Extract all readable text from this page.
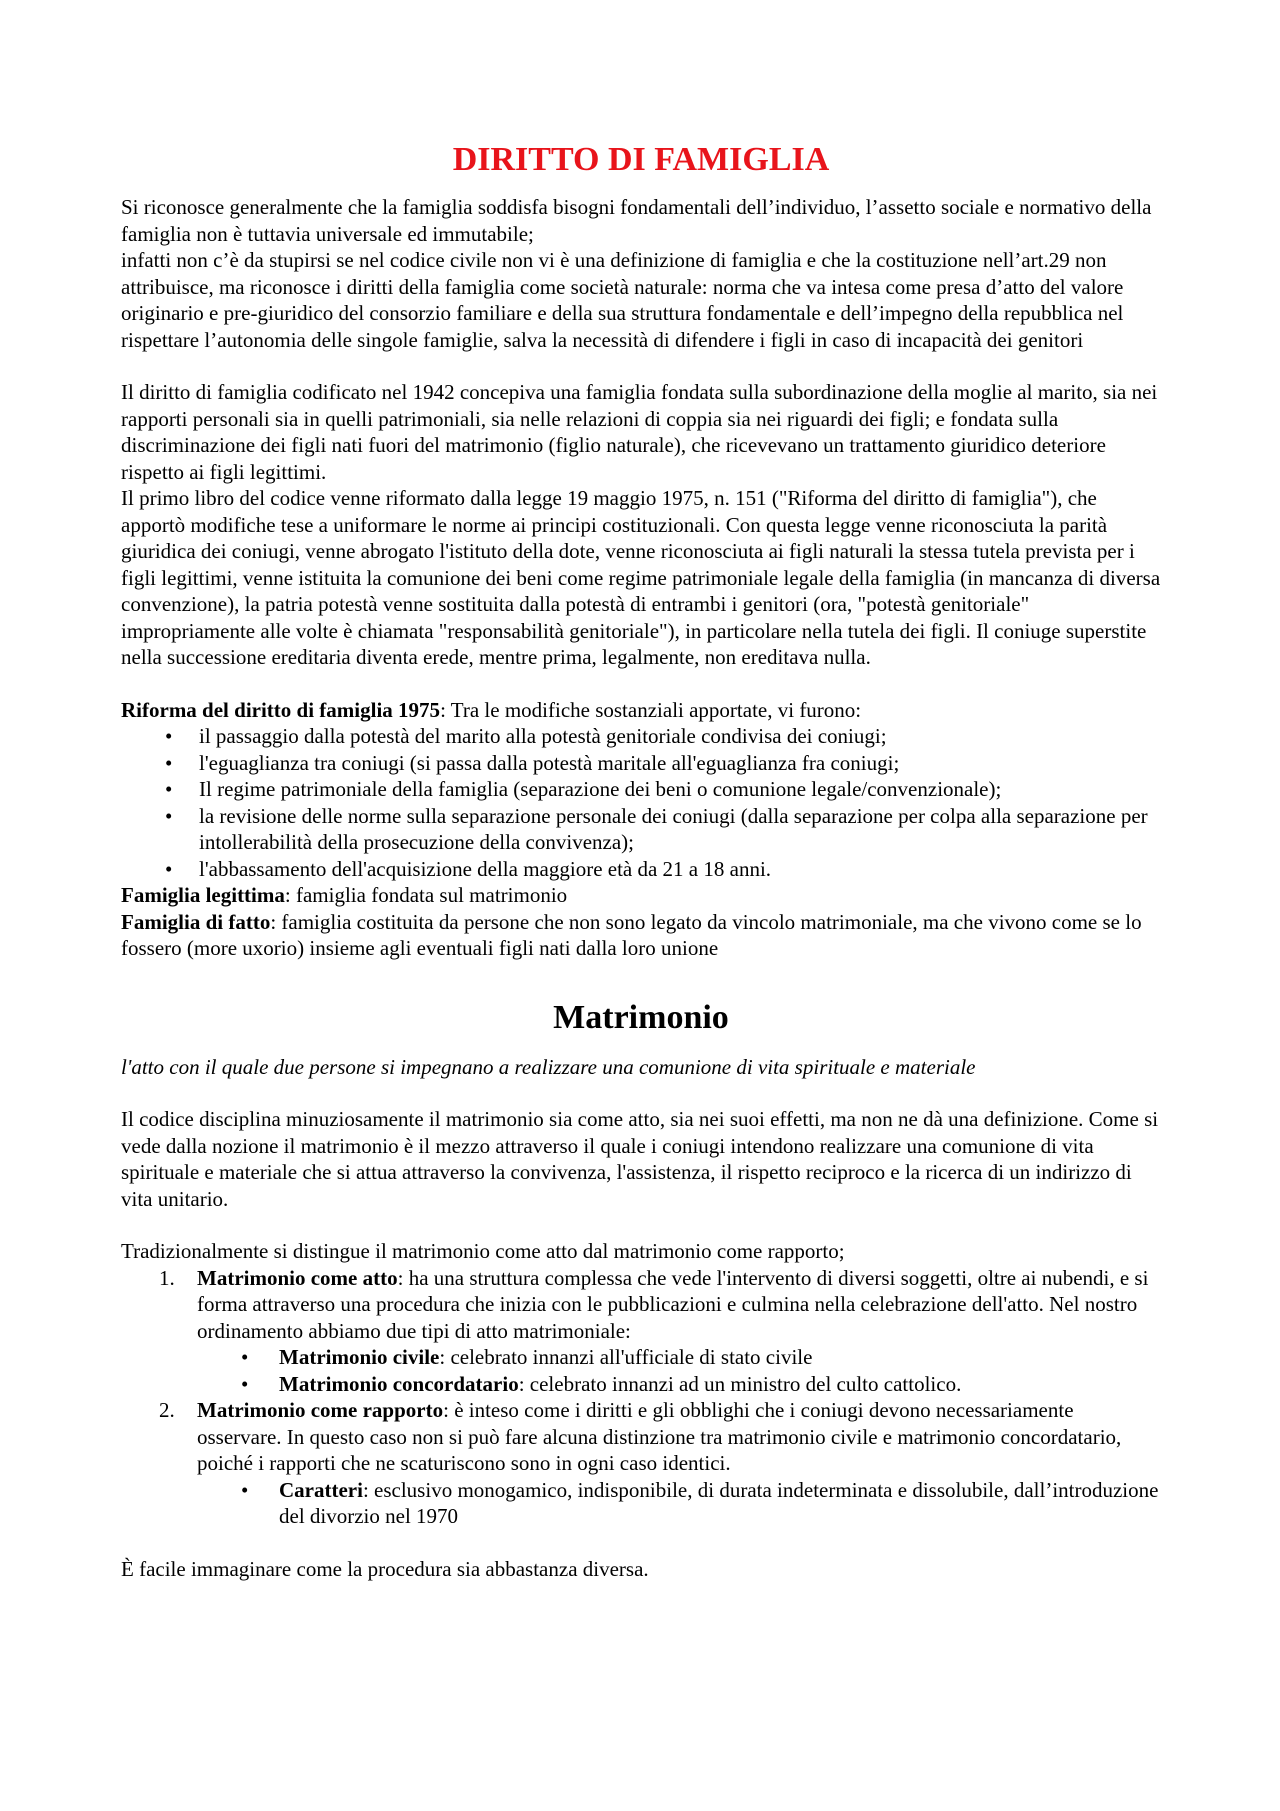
DIRITTO DI FAMIGLIA

Si riconosce generalmente che la famiglia soddisfa bisogni fondamentali dell’individuo, l’assetto sociale e normativo della famiglia non è tuttavia universale ed immutabile;

infatti non c’è da stupirsi se nel codice civile non vi è una definizione di famiglia e che la costituzione nell’art.29 non attribuisce, ma riconosce i diritti della famiglia come società naturale: norma che va intesa come presa d’atto del valore originario e pre-giuridico del consorzio familiare e della sua struttura fondamentale e dell’impegno della repubblica nel rispettare l’autonomia delle singole famiglie, salva la necessità di difendere i figli in caso di incapacità dei genitori

Il diritto di famiglia codificato nel 1942 concepiva una famiglia fondata sulla subordinazione della moglie al marito, sia nei rapporti personali sia in quelli patrimoniali, sia nelle relazioni di coppia sia nei riguardi dei figli; e fondata sulla discriminazione dei figli nati fuori del matrimonio (figlio naturale), che ricevevano un trattamento giuridico deteriore rispetto ai figli legittimi.

Il primo libro del codice venne riformato dalla legge 19 maggio 1975, n. 151 ("Riforma del diritto di famiglia"), che apportò modifiche tese a uniformare le norme ai principi costituzionali. Con questa legge venne riconosciuta la parità giuridica dei coniugi, venne abrogato l'istituto della dote, venne riconosciuta ai figli naturali la stessa tutela prevista per i figli legittimi, venne istituita la comunione dei beni come regime patrimoniale legale della famiglia (in mancanza di diversa convenzione), la patria potestà venne sostituita dalla potestà di entrambi i genitori (ora, "potestà genitoriale" impropriamente alle volte è chiamata "responsabilità genitoriale"), in particolare nella tutela dei figli. Il coniuge superstite nella successione ereditaria diventa erede, mentre prima, legalmente, non ereditava nulla.

Riforma del diritto di famiglia 1975: Tra le modifiche sostanziali apportate, vi furono:

• il passaggio dalla potestà del marito alla potestà genitoriale condivisa dei coniugi;
• l'eguaglianza tra coniugi (si passa dalla potestà maritale all'eguaglianza fra coniugi;
• Il regime patrimoniale della famiglia (separazione dei beni o comunione legale/convenzionale);
• la revisione delle norme sulla separazione personale dei coniugi (dalla separazione per colpa alla separazione per intollerabilità della prosecuzione della convivenza);
• l'abbassamento dell'acquisizione della maggiore età da 21 a 18 anni.

Famiglia legittima: famiglia fondata sul matrimonio

Famiglia di fatto: famiglia costituita da persone che non sono legato da vincolo matrimoniale, ma che vivono come se lo fossero (more uxorio) insieme agli eventuali figli nati dalla loro unione

Matrimonio

l'atto con il quale due persone si impegnano a realizzare una comunione di vita spirituale e materiale

Il codice disciplina minuziosamente il matrimonio sia come atto, sia nei suoi effetti, ma non ne dà una definizione. Come si vede dalla nozione il matrimonio è il mezzo attraverso il quale i coniugi intendono realizzare una comunione di vita spirituale e materiale che si attua attraverso la convivenza, l'assistenza, il rispetto reciproco e la ricerca di un indirizzo di vita unitario.

Tradizionalmente si distingue il matrimonio come atto dal matrimonio come rapporto;

1. Matrimonio come atto: ha una struttura complessa che vede l'intervento di diversi soggetti, oltre ai nubendi, e si forma attraverso una procedura che inizia con le pubblicazioni e culmina nella celebrazione dell'atto. Nel nostro ordinamento abbiamo due tipi di atto matrimoniale:
• Matrimonio civile: celebrato innanzi all'ufficiale di stato civile
• Matrimonio concordatario: celebrato innanzi ad un ministro del culto cattolico.
2. Matrimonio come rapporto: è inteso come i diritti e gli obblighi che i coniugi devono necessariamente osservare. In questo caso non si può fare alcuna distinzione tra matrimonio civile e matrimonio concordatario, poiché i rapporti che ne scaturiscono sono in ogni caso identici.
• Caratteri: esclusivo monogamico, indisponibile, di durata indeterminata e dissolubile, dall’introduzione del divorzio nel 1970

È facile immaginare come la procedura sia abbastanza diversa.
